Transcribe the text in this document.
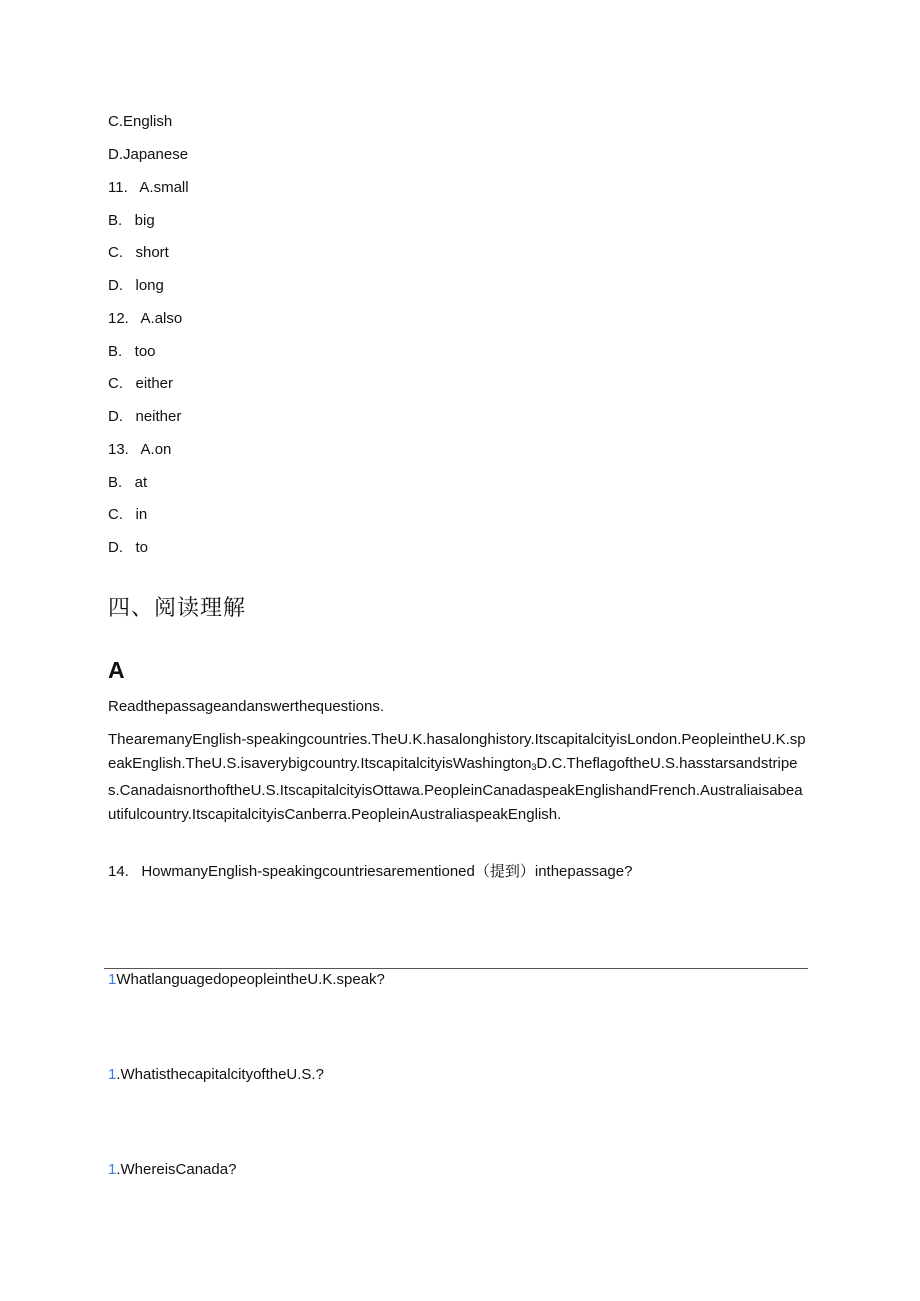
C.English
D.Japanese
11.   A.small
B.   big
C.   short
D.   long
12.   A.also
B.   too
C.   either
D.   neither
13.   A.on
B.   at
C.   in
D.   to
四、阅读理解
A
Readthepassageandanswerthequestions.
ThearemanyEnglish-speakingcountries.TheU.K.hasalonghistory.ItscapitalcityisLondon.PeopleintheU.K.speakEnglish.TheU.S.isaverybigcountry.ItscapitalcityisWashington$_3$D.C.TheflagoftheU.S.hasstarsandstripes.CanadaisnorthoftheU.S.ItscapitalcityisOttawa.PeopleinCanadaspeakEnglishandFrench.Australiaisabeautifulcountry.ItscapitalcityisCanberra.PeopleinAustraliaspeakEnglish.
14.   HowmanyEnglish-speakingcountriesarementioned（提到）inthepassage?
1WhatlanguagedopeopleintheU.K.speak?
1.WhatisthecapitalcityoftheU.S.?
1.WhereisCanada?
